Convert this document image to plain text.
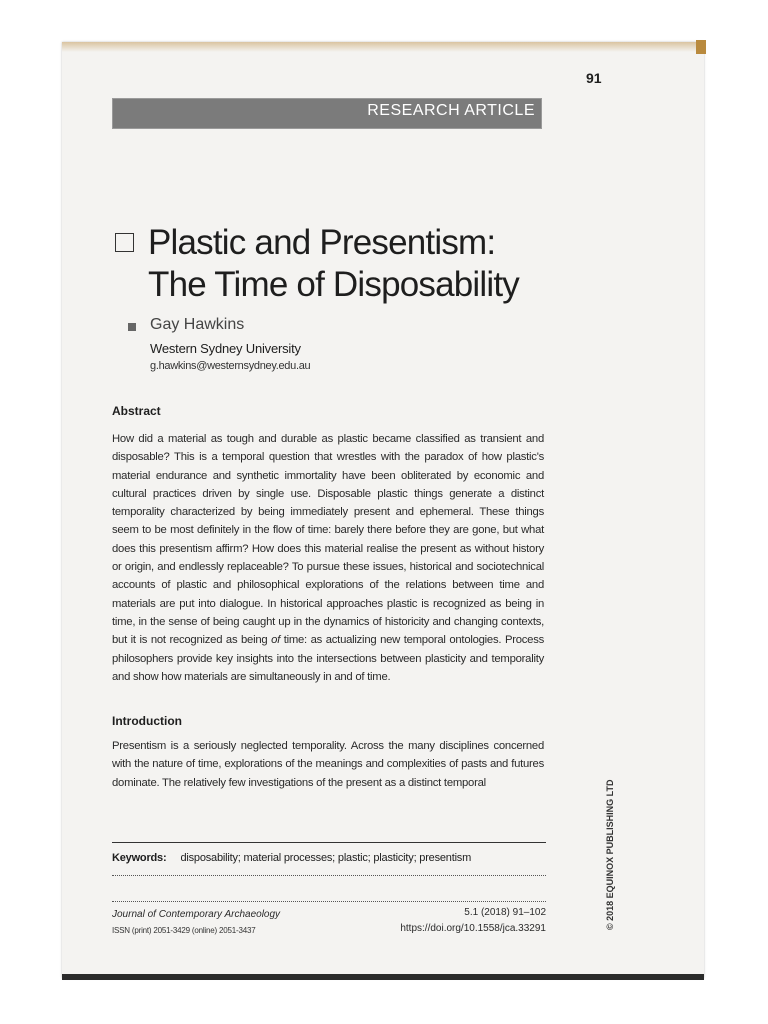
91
RESEARCH ARTICLE
Plastic and Presentism:
The Time of Disposability
Gay Hawkins
Western Sydney University
g.hawkins@westernsydney.edu.au
Abstract

How did a material as tough and durable as plastic became classified as transient and disposable? This is a temporal question that wrestles with the paradox of how plastic's material endurance and synthetic immortality have been obliterated by economic and cultural practices driven by single use. Disposable plastic things generate a distinct temporality characterized by being immediately present and ephemeral. These things seem to be most definitely in the flow of time: barely there before they are gone, but what does this presentism affirm? How does this material realise the present as without history or origin, and endlessly replaceable? To pursue these issues, historical and sociotechnical accounts of plastic and philosophical explorations of the relations between time and materials are put into dialogue. In historical approaches plastic is recognized as being in time, in the sense of being caught up in the dynamics of historicity and changing contexts, but it is not recognized as being of time: as actualizing new temporal ontologies. Process philosophers provide key insights into the intersections between plasticity and temporality and show how materials are simultaneously in and of time.

Introduction

Presentism is a seriously neglected temporality. Across the many disciplines concerned with the nature of time, explorations of the meanings and complexities of pasts and futures dominate. The relatively few investigations of the present as a distinct temporal

Keywords: disposability; material processes; plastic; plasticity; presentism
Journal of Contemporary Archaeology
ISSN (print) 2051-3429 (online) 2051-3437
5.1 (2018) 91–102
https://doi.org/10.1558/jca.33291	© 2018 EQUINOX PUBLISHING LTD
